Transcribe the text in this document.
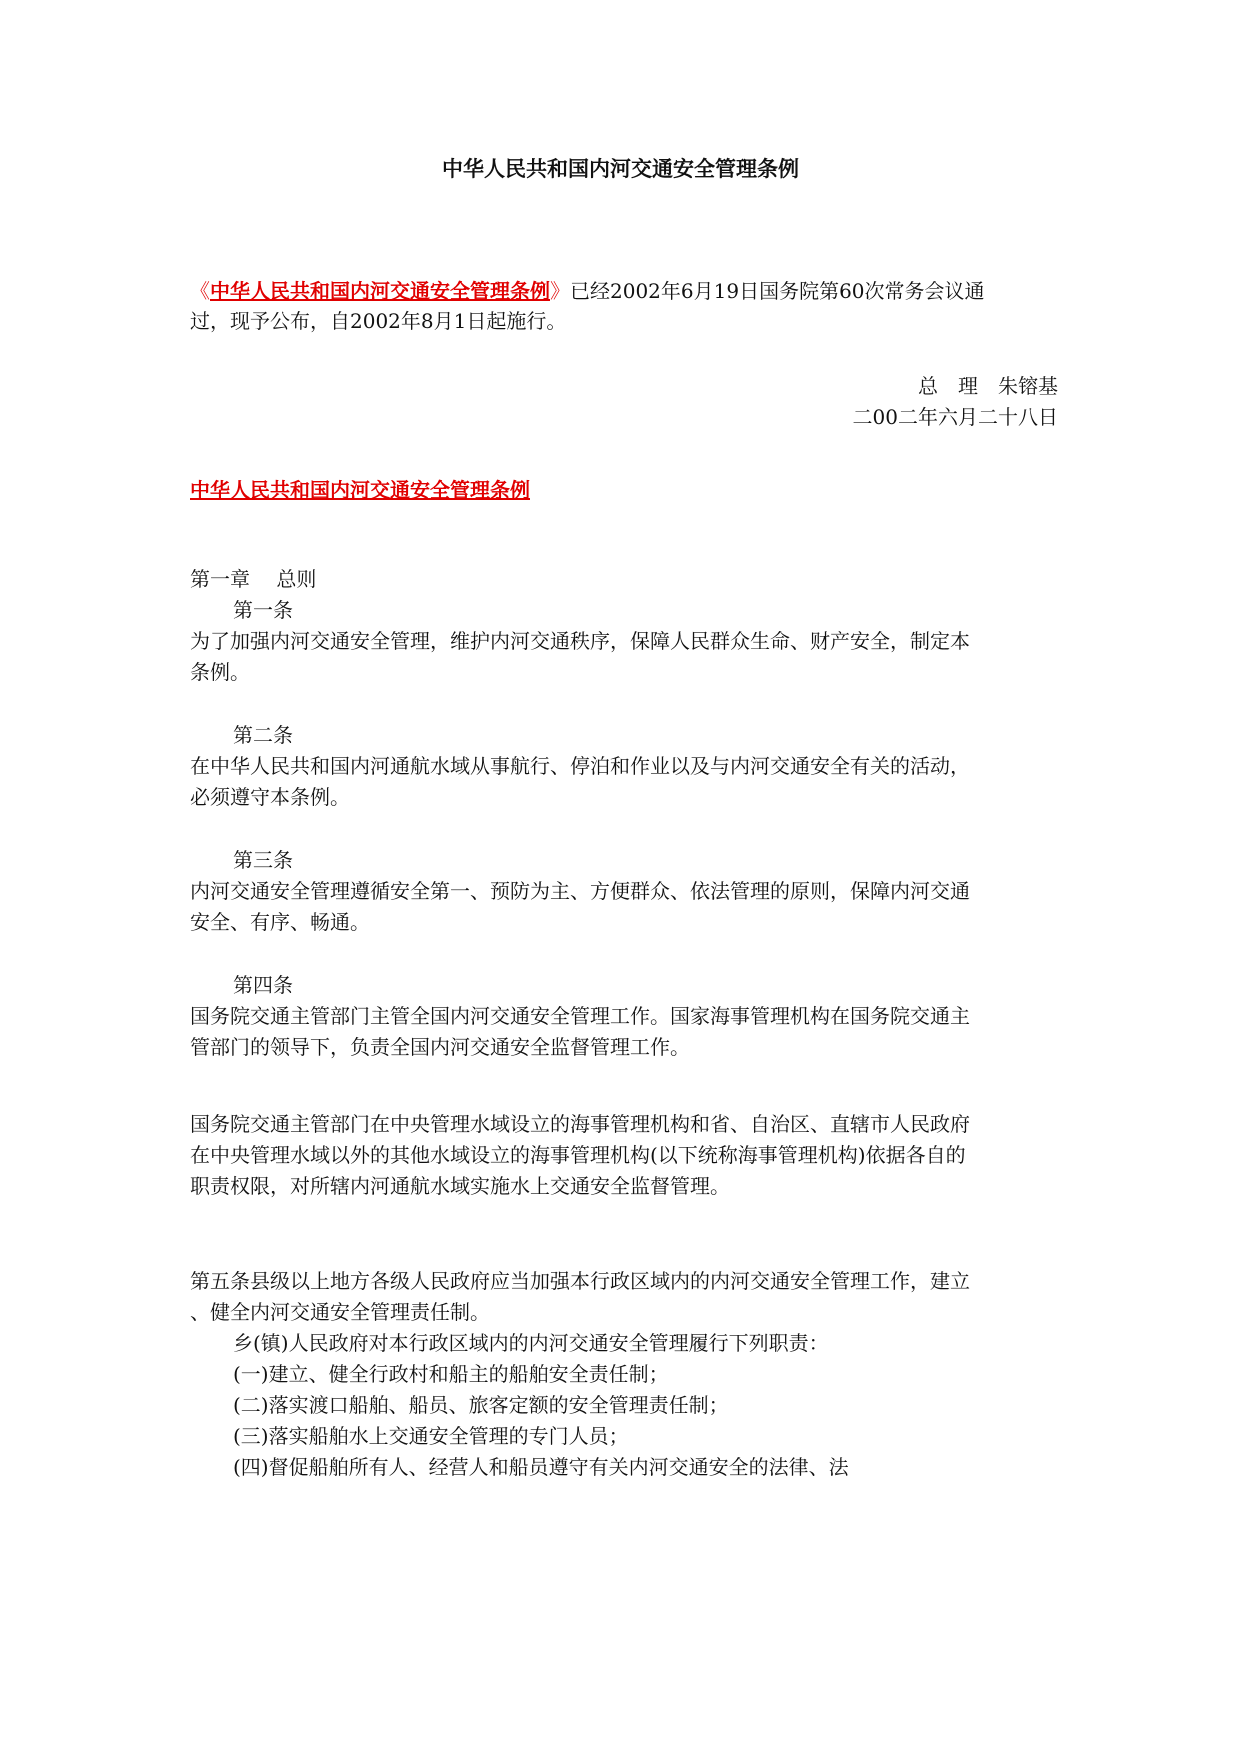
中华人民共和国内河交通安全管理条例

《中华人民共和国内河交通安全管理条例》已经2002年6月19日国务院第60次常务会议通

过，现予公布，自2002年8月1日起施行。

总　理　朱镕基

二00二年六月二十八日

中华人民共和国内河交通安全管理条例

第一章　 总则

第一条

为了加强内河交通安全管理，维护内河交通秩序，保障人民群众生命、财产安全，制定本

条例。

第二条

在中华人民共和国内河通航水域从事航行、停泊和作业以及与内河交通安全有关的活动，

必须遵守本条例。

第三条

内河交通安全管理遵循安全第一、预防为主、方便群众、依法管理的原则，保障内河交通

安全、有序、畅通。

第四条

国务院交通主管部门主管全国内河交通安全管理工作。国家海事管理机构在国务院交通主

管部门的领导下，负责全国内河交通安全监督管理工作。

国务院交通主管部门在中央管理水域设立的海事管理机构和省、自治区、直辖市人民政府

在中央管理水域以外的其他水域设立的海事管理机构(以下统称海事管理机构)依据各自的

职责权限，对所辖内河通航水域实施水上交通安全监督管理。

第五条县级以上地方各级人民政府应当加强本行政区域内的内河交通安全管理工作，建立

、健全内河交通安全管理责任制。

乡(镇)人民政府对本行政区域内的内河交通安全管理履行下列职责：

(一)建立、健全行政村和船主的船舶安全责任制；

(二)落实渡口船舶、船员、旅客定额的安全管理责任制；

(三)落实船舶水上交通安全管理的专门人员；

(四)督促船舶所有人、经营人和船员遵守有关内河交通安全的法律、法
